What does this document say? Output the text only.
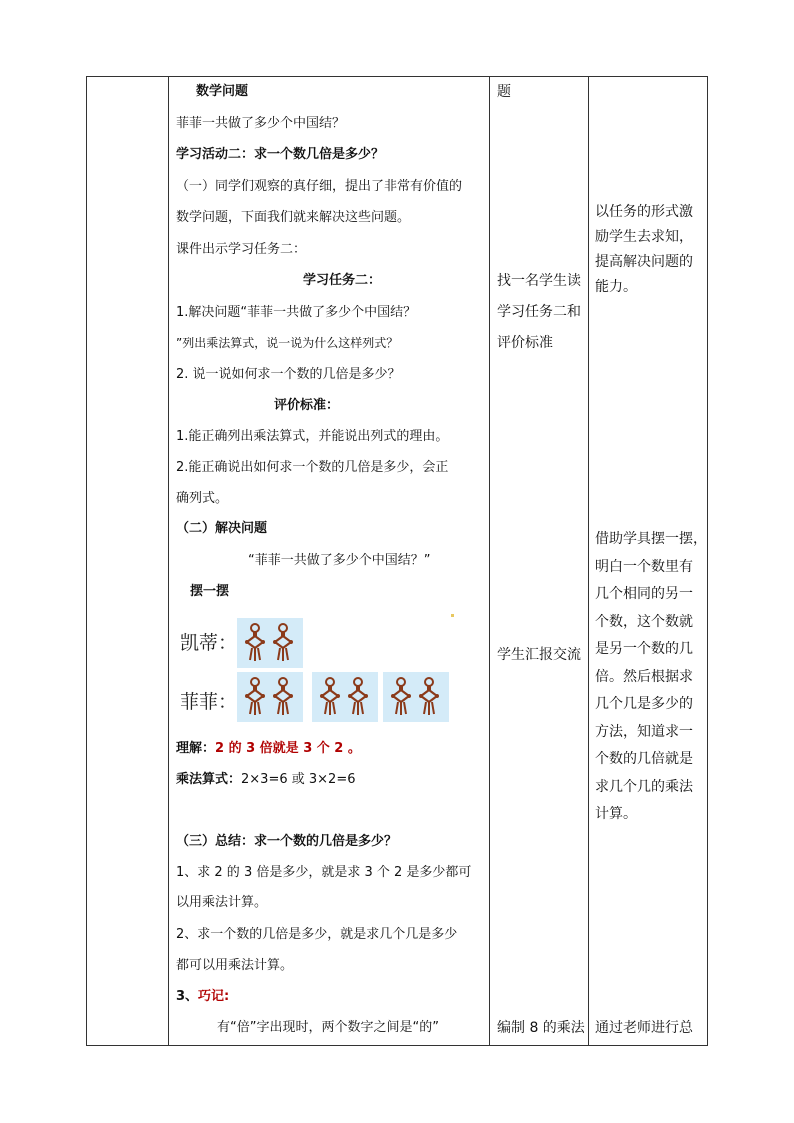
数学问题
菲菲一共做了多少个中国结？
学习活动二：求一个数几倍是多少？
（一）同学们观察的真仔细，提出了非常有价值的
数学问题，下面我们就来解决这些问题。
课件出示学习任务二：
学习任务二：
1.解决问题“菲菲一共做了多少个中国结？
”列出乘法算式，说一说为什么这样列式？
2. 说一说如何求一个数的几倍是多少？
评价标准：
1.能正确列出乘法算式，并能说出列式的理由。
2.能正确说出如何求一个数的几倍是多少，会正
确列式。
（二）解决问题
“菲菲一共做了多少个中国结？”
摆一摆
凯蒂：
菲菲：
理解：2 的 3 倍就是 3 个 2 。
乘法算式：2×3=6 或 3×2=6
（三）总结：求一个数的几倍是多少？
1、求 2 的 3 倍是多少，就是求 3 个 2 是多少都可
以用乘法计算。
2、求一个数的几倍是多少，就是求几个几是多少
都可以用乘法计算。
3、巧记:
有“倍”字出现时，两个数字之间是“的”
题
找一名学生读
学习任务二和
评价标准
学生汇报交流
编制 8 的乘法

以任务的形式激

励学生去求知，

提高解决问题的

能力。

借助学具摆一摆，

明白一个数里有

几个相同的另一

个数，这个数就

是另一个数的几

倍。然后根据求

几个几是多少的

方法，知道求一

个数的几倍就是

求几个几的乘法

计算。

通过老师进行总
